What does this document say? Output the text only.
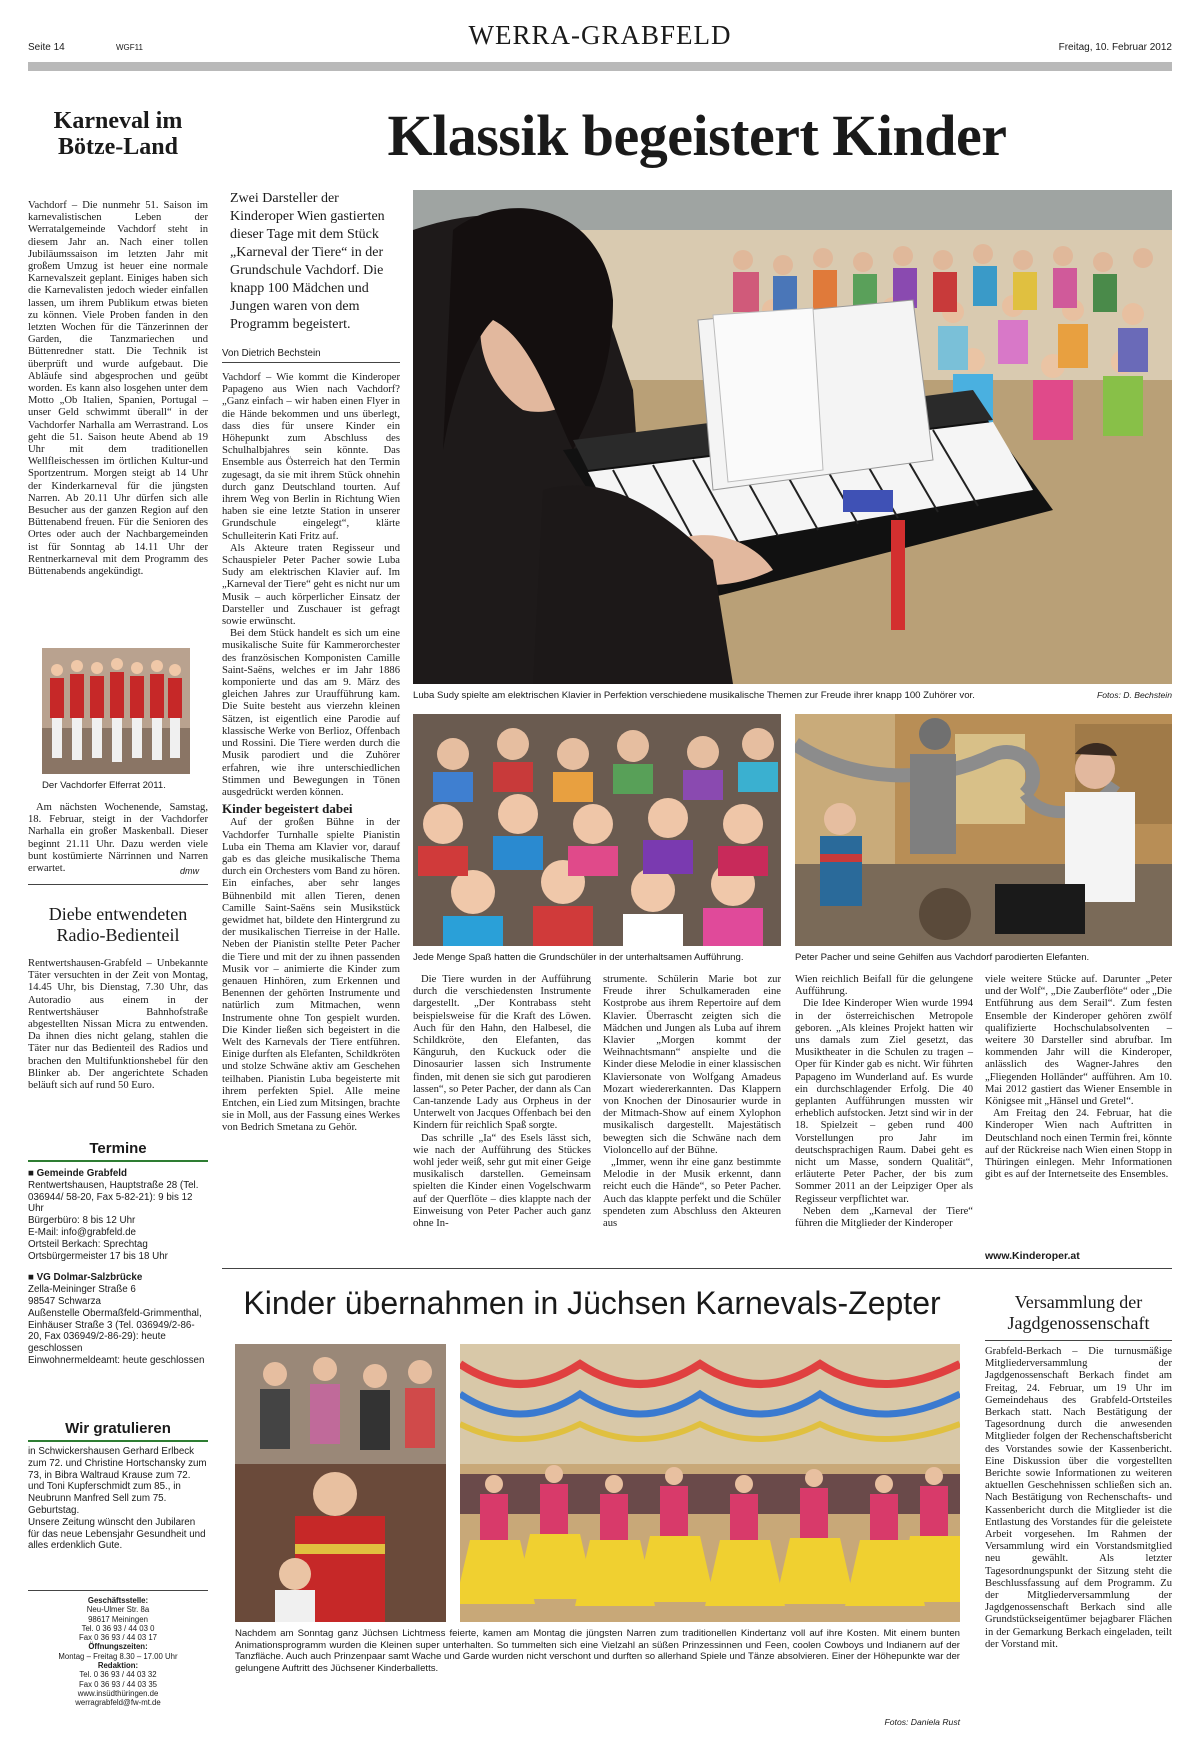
Seite 14	WGF11	WERRA-GRABFELD	Freitag, 10. Februar 2012
Karneval im Bötze-Land

Vachdorf – Die nunmehr 51. Saison im karnevalistischen Leben der Werratalgemeinde Vachdorf steht in diesem Jahr an. Nach einer tollen Jubiläumssaison im letzten Jahr mit großem Umzug ist heuer eine normale Karnevalszeit geplant. Einiges haben sich die Karnevalisten jedoch wieder einfallen lassen, um ihrem Publikum etwas bieten zu können. Viele Proben fanden in den letzten Wochen für die Tänzerinnen der Garden, die Tanzmariechen und Büttenredner statt. Die Technik ist überprüft und wurde aufgebaut. Die Abläufe sind abgesprochen und geübt worden. Es kann also losgehen unter dem Motto „Ob Italien, Spanien, Portugal – unser Geld schwimmt überall“ in der Vachdorfer Narhalla am Werrastrand. Los geht die 51. Saison heute Abend ab 19 Uhr mit dem traditionellen Wellfleischessen im örtlichen Kultur-und Sportzentrum. Morgen steigt ab 14 Uhr der Kinderkarneval für die jüngsten Narren. Ab 20.11 Uhr dürfen sich alle Besucher aus der ganzen Region auf den Büttenabend freuen. Für die Senioren des Ortes oder auch der Nachbargemeinden ist für Sonntag ab 14.11 Uhr der Rentnerkarneval mit dem Programm des Büttenabends angekündigt.

Der Vachdorfer Elferrat 2011.

Am nächsten Wochenende, Samstag, 18. Februar, steigt in der Vachdorfer Narhalla ein großer Maskenball. Dieser beginnt 21.11 Uhr. Dazu werden viele bunt kostümierte Närrinnen und Narren erwartet.	dmw
Diebe entwendeten Radio-Bedienteil

Rentwertshausen-Grabfeld – Unbekannte Täter versuchten in der Zeit von Montag, 14.45 Uhr, bis Dienstag, 7.30 Uhr, das Autoradio aus einem in der Rentwertshäuser Bahnhofstraße abgestellten Nissan Micra zu entwenden. Da ihnen dies nicht gelang, stahlen die Täter nur das Bedienteil des Radios und brachen den Multifunktionshebel für den Blinker ab. Der angerichtete Schaden beläuft sich auf rund 50 Euro.

Termine
■ Gemeinde Grabfeld
Rentwertshausen, Hauptstraße 28 (Tel. 036944/ 58-20, Fax 5-82-21): 9 bis 12 Uhr
Bürgerbüro: 8 bis 12 Uhr
E-Mail: info@grabfeld.de
Ortsteil Berkach: Sprechtag Ortsbürgermeister 17 bis 18 Uhr
■ VG Dolmar-Salzbrücke
Zella-Meininger Straße 6
98547 Schwarza
Außenstelle Obermaßfeld-Grimmenthal, Einhäuser Straße 3 (Tel. 036949/2-86-20, Fax 036949/2-86-29): heute geschlossen
Einwohnermeldeamt: heute geschlossen
Wir gratulieren
in Schwickershausen Gerhard Erlbeck zum 72. und Christine Hortschansky zum 73, in Bibra Waltraud Krause zum 72. und Toni Kupferschmidt zum 85., in Neubrunn Manfred Sell zum 75. Geburtstag.
Unsere Zeitung wünscht den Jubilaren für das neue Lebensjahr Gesundheit und alles erdenklich Gute.
Geschäftsstelle:
Neu-Ulmer Str. 8a
98617 Meiningen
Tel. 0 36 93 / 44 03 0
Fax 0 36 93 / 44 03 17
Öffnungszeiten:
Montag – Freitag 8.30 – 17.00 Uhr
Redaktion:
Tel. 0 36 93 / 44 03 32
Fax 0 36 93 / 44 03 35
www.insüdthüringen.de
werragrabfeld@fw-mt.de
Klassik begeistert Kinder
Zwei Darsteller der Kinderoper Wien gastierten dieser Tage mit dem Stück „Karneval der Tiere“ in der Grundschule Vachdorf. Die knapp 100 Mädchen und Jungen waren von dem Programm begeistert.
Von Dietrich Bechstein

Vachdorf – Wie kommt die Kinderoper Papageno aus Wien nach Vachdorf? „Ganz einfach – wir haben einen Flyer in die Hände bekommen und uns überlegt, dass dies für unsere Kinder ein Höhepunkt zum Abschluss des Schulhalbjahres sein könnte. Das Ensemble aus Österreich hat den Termin zugesagt, da sie mit ihrem Stück ohnehin durch ganz Deutschland tourten. Auf ihrem Weg von Berlin in Richtung Wien haben sie eine letzte Station in unserer Grundschule eingelegt“, klärte Schulleiterin Kati Fritz auf.

Als Akteure traten Regisseur und Schauspieler Peter Pacher sowie Luba Sudy am elektrischen Klavier auf. Im „Karneval der Tiere“ geht es nicht nur um Musik – auch körperlicher Einsatz der Darsteller und Zuschauer ist gefragt sowie erwünscht.

Bei dem Stück handelt es sich um eine musikalische Suite für Kammerorchester des französischen Komponisten Camille Saint-Saëns, welches er im Jahr 1886 komponierte und das am 9. März des gleichen Jahres zur Uraufführung kam. Die Suite besteht aus vierzehn kleinen Sätzen, ist eigentlich eine Parodie auf klassische Werke von Berlioz, Offenbach und Rossini. Die Tiere werden durch die Musik parodiert und die Zuhörer erfahren, wie ihre unterschiedlichen Stimmen und Bewegungen in Tönen ausgedrückt werden können.

Kinder begeistert dabei

Auf der großen Bühne in der Vachdorfer Turnhalle spielte Pianistin Luba ein Thema am Klavier vor, darauf gab es das gleiche musikalische Thema durch ein Orchesters vom Band zu hören. Ein einfaches, aber sehr langes Bühnenbild mit allen Tieren, denen Camille Saint-Saëns sein Musikstück gewidmet hat, bildete den Hintergrund zu der musikalischen Tierreise in der Halle. Neben der Pianistin stellte Peter Pacher die Tiere und mit der zu ihnen passenden Musik vor – animierte die Kinder zum genauen Hinhören, zum Erkennen und Benennen der gehörten Instrumente und natürlich zum Mitmachen, wenn Instrumente ohne Ton gespielt wurden. Die Kinder ließen sich begeistert in die Welt des Karnevals der Tiere entführen. Einige durften als Elefanten, Schildkröten und stolze Schwäne aktiv am Geschehen teilhaben. Pianistin Luba begeisterte mit ihrem perfekten Spiel. Alle meine Entchen, ein Lied zum Mitsingen, brachte sie in Moll, aus der Fassung eines Werkes von Bedrich Smetana zu Gehör.

Luba Sudy spielte am elektrischen Klavier in Perfektion verschiedene musikalische Themen zur Freude ihrer knapp 100 Zuhörer vor.	Fotos: D. Bechstein
Jede Menge Spaß hatten die Grundschüler in der unterhaltsamen Aufführung.	Peter Pacher und seine Gehilfen aus Vachdorf parodierten Elefanten.

Die Tiere wurden in der Aufführung durch die verschiedensten Instrumente dargestellt. „Der Kontrabass steht beispielsweise für die Kraft des Löwen. Auch für den Hahn, den Halbesel, die Schildkröte, den Elefanten, das Känguruh, den Kuckuck oder die Dinosaurier lassen sich Instrumente finden, mit denen sie sich gut parodieren lassen“, so Peter Pacher, der dann als Can Can-tanzende Lady aus Orpheus in der Unterwelt von Jacques Offenbach bei den Kindern für reichlich Spaß sorgte.

Das schrille „Ia“ des Esels lässt sich, wie nach der Aufführung des Stückes wohl jeder weiß, sehr gut mit einer Geige musikalisch darstellen. Gemeinsam spielten die Kinder einen Vogelschwarm auf der Querflöte – dies klappte nach der Einweisung von Peter Pacher auch ganz ohne In-

strumente. Schülerin Marie bot zur Freude ihrer Schulkameraden eine Kostprobe aus ihrem Repertoire auf dem Klavier. Überrascht zeigten sich die Mädchen und Jungen als Luba auf ihrem Klavier „Morgen kommt der Weihnachtsmann“ anspielte und die Kinder diese Melodie in einer klassischen Klaviersonate von Wolfgang Amadeus Mozart wiedererkannten. Das Klappern von Knochen der Dinosaurier wurde in der Mitmach-Show auf einem Xylophon musikalisch dargestellt. Majestätisch bewegten sich die Schwäne nach dem Violoncello auf der Bühne.

„Immer, wenn ihr eine ganz bestimmte Melodie in der Musik erkennt, dann reicht euch die Hände“, so Peter Pacher. Auch das klappte perfekt und die Schüler spendeten zum Abschluss den Akteuren aus

Wien reichlich Beifall für die gelungene Aufführung.

Die Idee Kinderoper Wien wurde 1994 in der österreichischen Metropole geboren. „Als kleines Projekt hatten wir uns damals zum Ziel gesetzt, das Musiktheater in die Schulen zu tragen – Oper für Kinder gab es nicht. Wir führten Papageno im Wunderland auf. Es wurde ein durchschlagender Erfolg. Die 40 geplanten Aufführungen mussten wir erheblich aufstocken. Jetzt sind wir in der 18. Spielzeit – geben rund 400 Vorstellungen pro Jahr im deutschsprachigen Raum. Dabei geht es nicht um Masse, sondern Qualität“, erläuterte Peter Pacher, der bis zum Sommer 2011 an der Leipziger Oper als Regisseur verpflichtet war.

Neben dem „Karneval der Tiere“ führen die Mitglieder der Kinderoper

viele weitere Stücke auf. Darunter „Peter und der Wolf“, „Die Zauberflöte“ oder „Die Entführung aus dem Serail“. Zum festen Ensemble der Kinderoper gehören zwölf qualifizierte Hochschulabsolventen – weitere 30 Darsteller sind abrufbar. Im kommenden Jahr will die Kinderoper, anlässlich des Wagner-Jahres den „Fliegenden Holländer“ aufführen. Am 10. Mai 2012 gastiert das Wiener Ensemble in Königsee mit „Hänsel und Gretel“.

Am Freitag den 24. Februar, hat die Kinderoper Wien nach Auftritten in Deutschland noch einen Termin frei, könnte auf der Rückreise nach Wien einen Stopp in Thüringen einlegen. Mehr Informationen gibt es auf der Internetseite des Ensembles.

www.Kinderoper.at
Kinder übernahmen in Jüchsen Karnevals-Zepter
Nachdem am Sonntag ganz Jüchsen Lichtmess feierte, kamen am Montag die jüngsten Narren zum traditionellen Kindertanz voll auf ihre Kosten. Mit einem bunten Animationsprogramm wurden die Kleinen super unterhalten. So tummelten sich eine Vielzahl an süßen Prinzessinnen und Feen, coolen Cowboys und Indianern auf der Tanzfläche. Auch auch Prinzenpaar samt Wache und Garde wurden nicht verschont und durften so allerhand Spiele und Tänze absolvieren. Einer der Höhepunkte war der gelungene Auftritt des Jüchsener Kinderballetts.
Fotos: Daniela Rust
Versammlung der Jagdgenossenschaft

Grabfeld-Berkach – Die turnusmäßige Mitgliederversammlung der Jagdgenossenschaft Berkach findet am Freitag, 24. Februar, um 19 Uhr im Gemeindehaus des Grabfeld-Ortsteiles Berkach statt. Nach Bestätigung der Tagesordnung durch die anwesenden Mitglieder folgen der Rechenschaftsbericht des Vorstandes sowie der Kassenbericht. Eine Diskussion über die vorgestellten Berichte sowie Informationen zu weiteren aktuellen Geschehnissen schließen sich an. Nach Bestätigung von Rechenschafts- und Kassenbericht durch die Mitglieder ist die Entlastung des Vorstandes für die geleistete Arbeit vorgesehen. Im Rahmen der Versammlung wird ein Vorstandsmitglied neu gewählt. Als letzter Tagesordnungspunkt der Sitzung steht die Beschlussfassung auf dem Programm. Zu der Mitgliederversammlung der Jagdgenossenschaft Berkach sind alle Grundstückseigentümer bejagbarer Flächen in der Gemarkung Berkach eingeladen, teilt der Vorstand mit.
